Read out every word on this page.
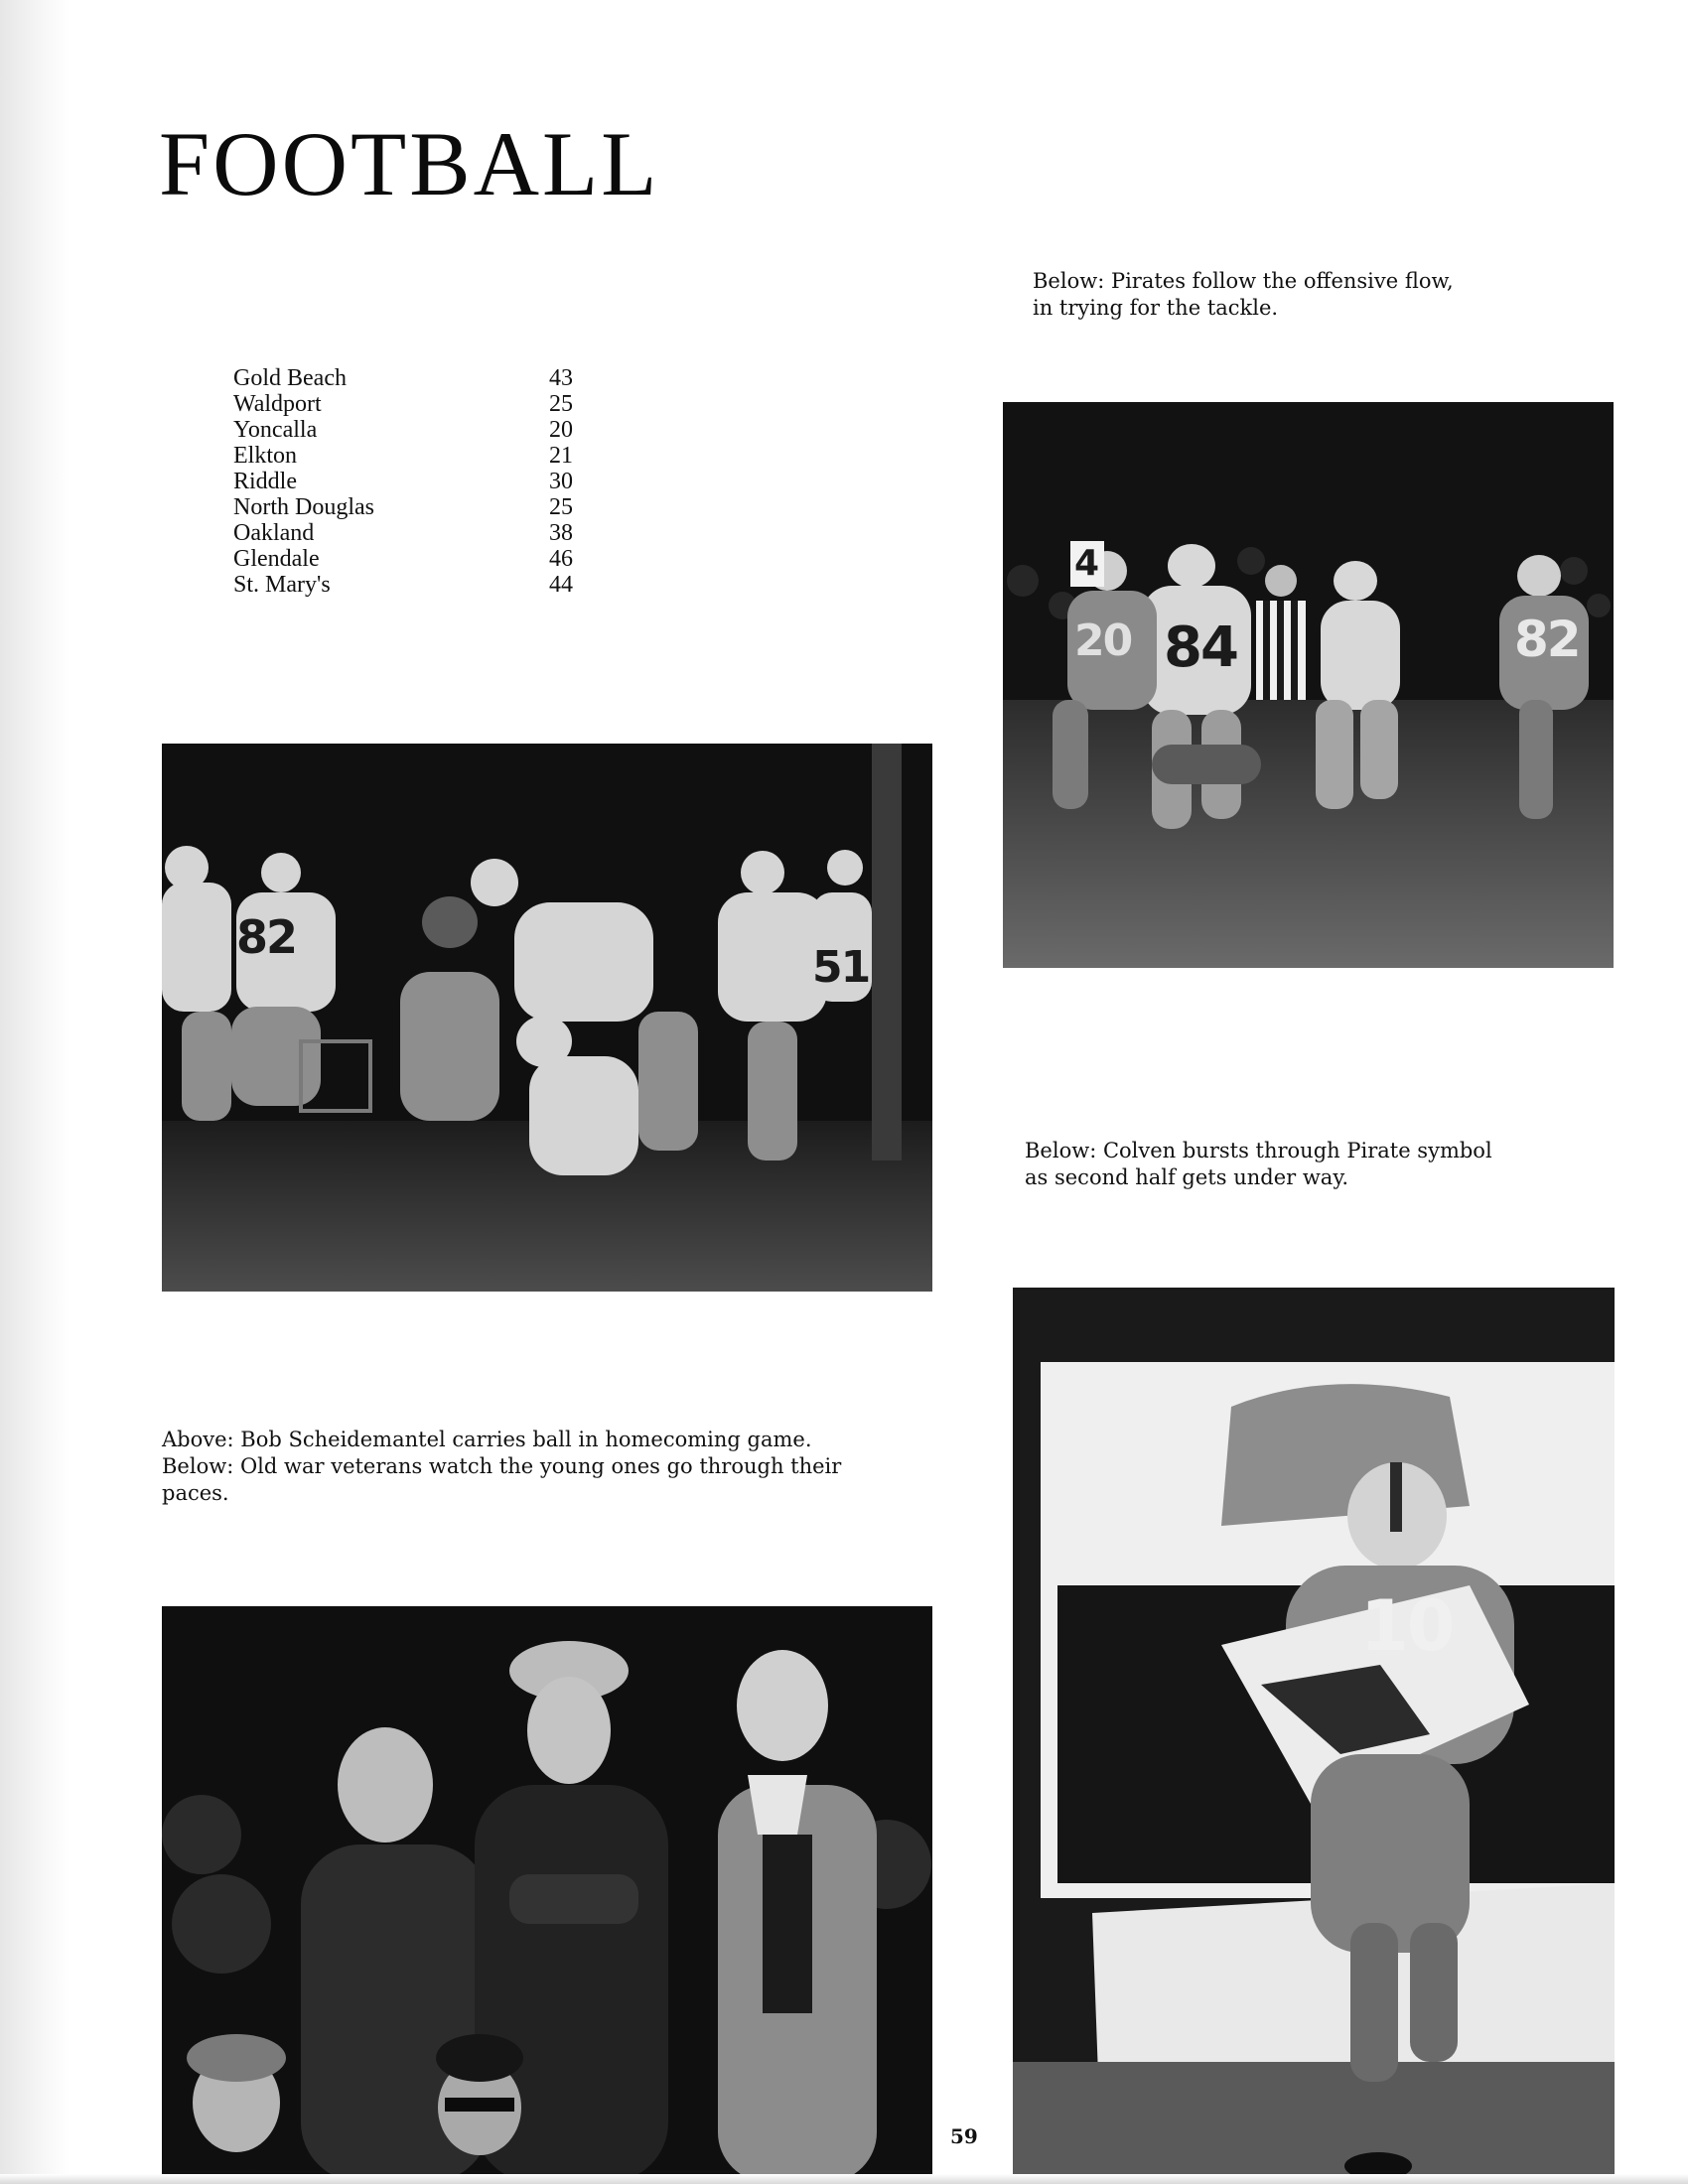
FOOTBALL
Gold Beach	43
Waldport	25
Yoncalla	20
Elkton	21
Riddle	30
North Douglas	25
Oakland	38
Glendale	46
St. Mary's	44
Below: Pirates follow the offensive flow,
in trying for the tackle.
4
84	82
20
82
51
Below: Colven bursts through Pirate symbol
as second half gets under way.
10
Above: Bob Scheidemantel carries ball in homecoming game.
Below: Old war veterans watch the young ones go through their
paces.
59
